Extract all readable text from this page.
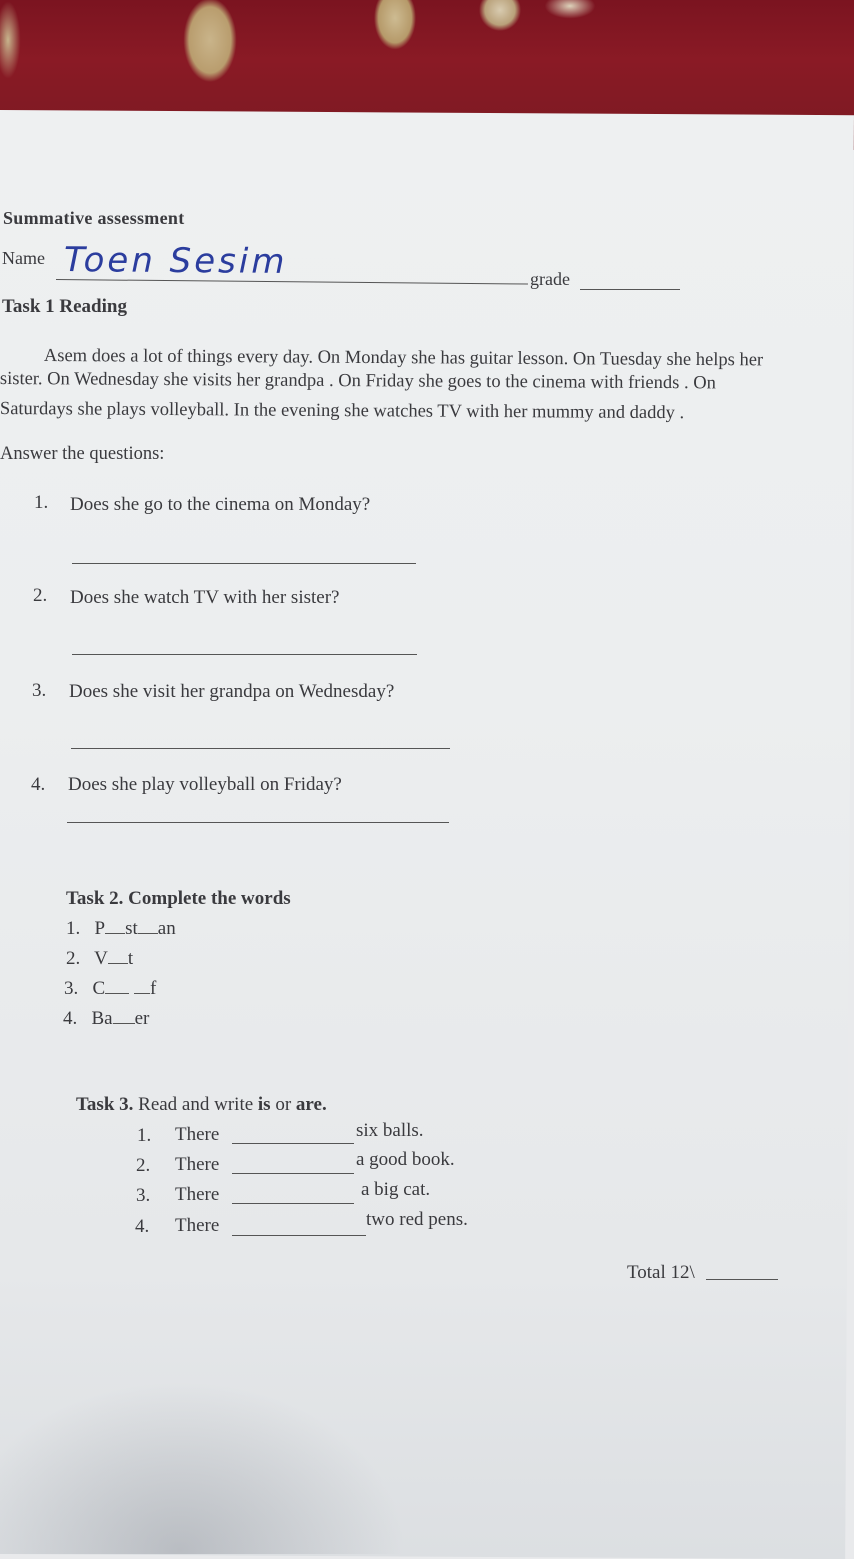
Summative assessment
Name Toen Sesim	grade
Task 1 Reading
Asem does a lot of things every day. On Monday she has guitar lesson. On Tuesday she helps her
sister. On Wednesday she visits her grandpa . On Friday she goes to the cinema with friends . On
Saturdays she plays volleyball. In the evening she watches TV with her mummy and daddy .
Answer the questions:
1. Does she go to the cinema on Monday?
2. Does she watch TV with her sister?
3. Does she visit her grandpa on Wednesday?
4. Does she play volleyball on Friday?
Task 2. Complete the words
1. P st an
2. V t
3. C f
4. Ba er
Task 3. Read and write is or are.
1. There	six balls.
2. There	a good book.
3. There	a big cat.
4. There	two red pens.
Total 12\
